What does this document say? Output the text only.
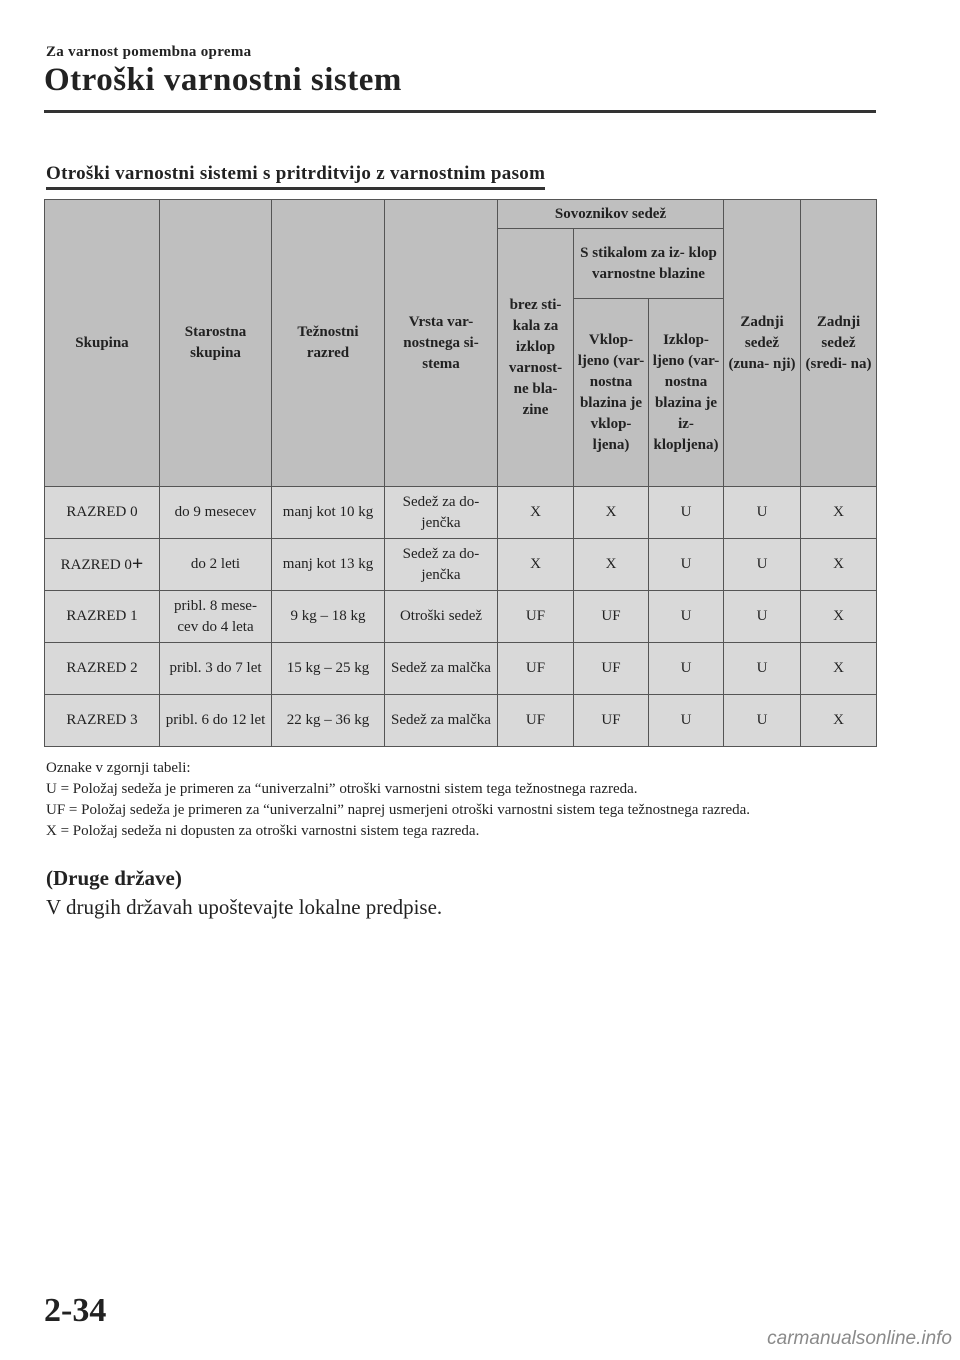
Za varnost pomembna oprema
Otroški varnostni sistem
Otroški varnostni sistemi s pritrditvijo z varnostnim pasom
Skupina	Starostna skupina	Težnostni razred	Vrsta var- nostnega si- stema	Sovoznikov sedež			Zadnji sedež (zuna- nji)	Zadnji sedež (sredi- na)
				brez sti- kala za izklop varnost- ne bla- zine	S stikalom za iz- klop varnostne blazine			
					Vklop- ljeno (var- nostna blazina je vklop- ljena)	Izklop- ljeno (var- nostna blazina je iz- klopljena)		
RAZRED 0	do 9 mesecev	manj kot 10 kg	Sedež za do- jenčka	X	X	U	U	X
RAZRED 0+	do 2 leti	manj kot 13 kg	Sedež za do- jenčka	X	X	U	U	X
RAZRED 1	pribl. 8 mese- cev do 4 leta	9 kg – 18 kg	Otroški sedež	UF	UF	U	U	X
RAZRED 2	pribl. 3 do 7 let	15 kg – 25 kg	Sedež za malčka	UF	UF	U	U	X
RAZRED 3	pribl. 6 do 12 let	22 kg – 36 kg	Sedež za malčka	UF	UF	U	U	X

Oznake v zgornji tabeli:

U = Položaj sedeža je primeren za “univerzalni” otroški varnostni sistem tega težnostnega razreda.

UF = Položaj sedeža je primeren za “univerzalni” naprej usmerjeni otroški varnostni sistem tega težnostnega razreda.

X = Položaj sedeža ni dopusten za otroški varnostni sistem tega razreda.

(Druge države)

V drugih državah upoštevajte lokalne predpise.

2-34
carmanualsonline.info
